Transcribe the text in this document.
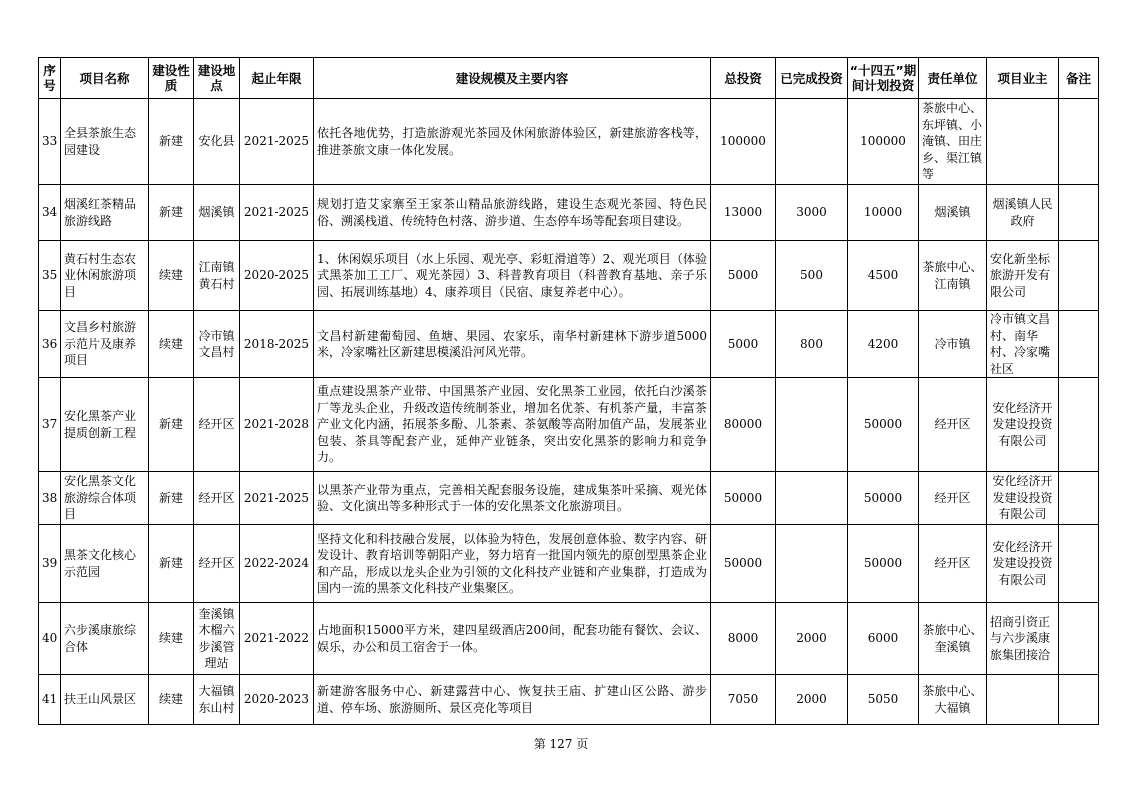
序号	项目名称	建设性质	建设地点	起止年限	建设规模及主要内容	总投资	已完成投资	“十四五”期间计划投资	责任单位	项目业主	备注
33	全县茶旅生态园建设	新建	安化县	2021-2025	依托各地优势，打造旅游观光茶园及休闲旅游体验区，新建旅游客栈等，推进茶旅文康一体化发展。	100000		100000	茶旅中心、东坪镇、小淹镇、田庄乡、渠江镇等		
34	烟溪红茶精品旅游线路	新建	烟溪镇	2021-2025	规划打造艾家寨至王家茶山精品旅游线路，建设生态观光茶园、特色民俗、溯溪栈道、传统特色村落、游步道、生态停车场等配套项目建设。	13000	3000	10000	烟溪镇	烟溪镇人民政府	
35	黄石村生态农业休闲旅游项目	续建	江南镇黄石村	2020-2025	1、休闲娱乐项目（水上乐园、观光亭、彩虹滑道等）2、观光项目（体验式黑茶加工工厂、观光茶园）3、科普教育项目（科普教育基地、亲子乐园、拓展训练基地）4、康养项目（民宿、康复养老中心）。	5000	500	4500	茶旅中心、江南镇	安化新坐标旅游开发有限公司	
36	文昌乡村旅游示范片及康养项目	续建	冷市镇文昌村	2018-2025	文昌村新建葡萄园、鱼塘、果园、农家乐，南华村新建林下游步道5000米，冷家嘴社区新建思模溪沿河风光带。	5000	800	4200	冷市镇	冷市镇文昌村、南华村、冷家嘴社区	
37	安化黑茶产业提质创新工程	新建	经开区	2021-2028	重点建设黑茶产业带、中国黑茶产业园、安化黑茶工业园，依托白沙溪茶厂等龙头企业，升级改造传统制茶业，增加名优茶、有机茶产量，丰富茶产业文化内涵，拓展茶多酚、儿茶素、茶氨酸等高附加值产品，发展茶业包装、茶具等配套产业，延伸产业链条，突出安化黑茶的影响力和竞争力。	80000		50000	经开区	安化经济开发建设投资有限公司	
38	安化黑茶文化旅游综合体项目	新建	经开区	2021-2025	以黑茶产业带为重点，完善相关配套服务设施，建成集茶叶采摘、观光体验、文化演出等多种形式于一体的安化黑茶文化旅游项目。	50000		50000	经开区	安化经济开发建设投资有限公司	
39	黑茶文化核心示范园	新建	经开区	2022-2024	坚持文化和科技融合发展，以体验为特色，发展创意体验、数字内容、研发设计、教育培训等朝阳产业，努力培育一批国内领先的原创型黑茶企业和产品，形成以龙头企业为引领的文化科技产业链和产业集群，打造成为国内一流的黑茶文化科技产业集聚区。	50000		50000	经开区	安化经济开发建设投资有限公司	
40	六步溪康旅综合体	续建	奎溪镇木榴六步溪管理站	2021-2022	占地面积15000平方米，建四星级酒店200间，配套功能有餐饮、会议、娱乐，办公和员工宿舍于一体。	8000	2000	6000	茶旅中心、奎溪镇	招商引资正与六步溪康旅集团接洽	
41	扶王山风景区	续建	大福镇东山村	2020-2023	新建游客服务中心、新建露营中心、恢复扶王庙、扩建山区公路、游步道、停车场、旅游厕所、景区亮化等项目	7050	2000	5050	茶旅中心、大福镇		
第 127 页
